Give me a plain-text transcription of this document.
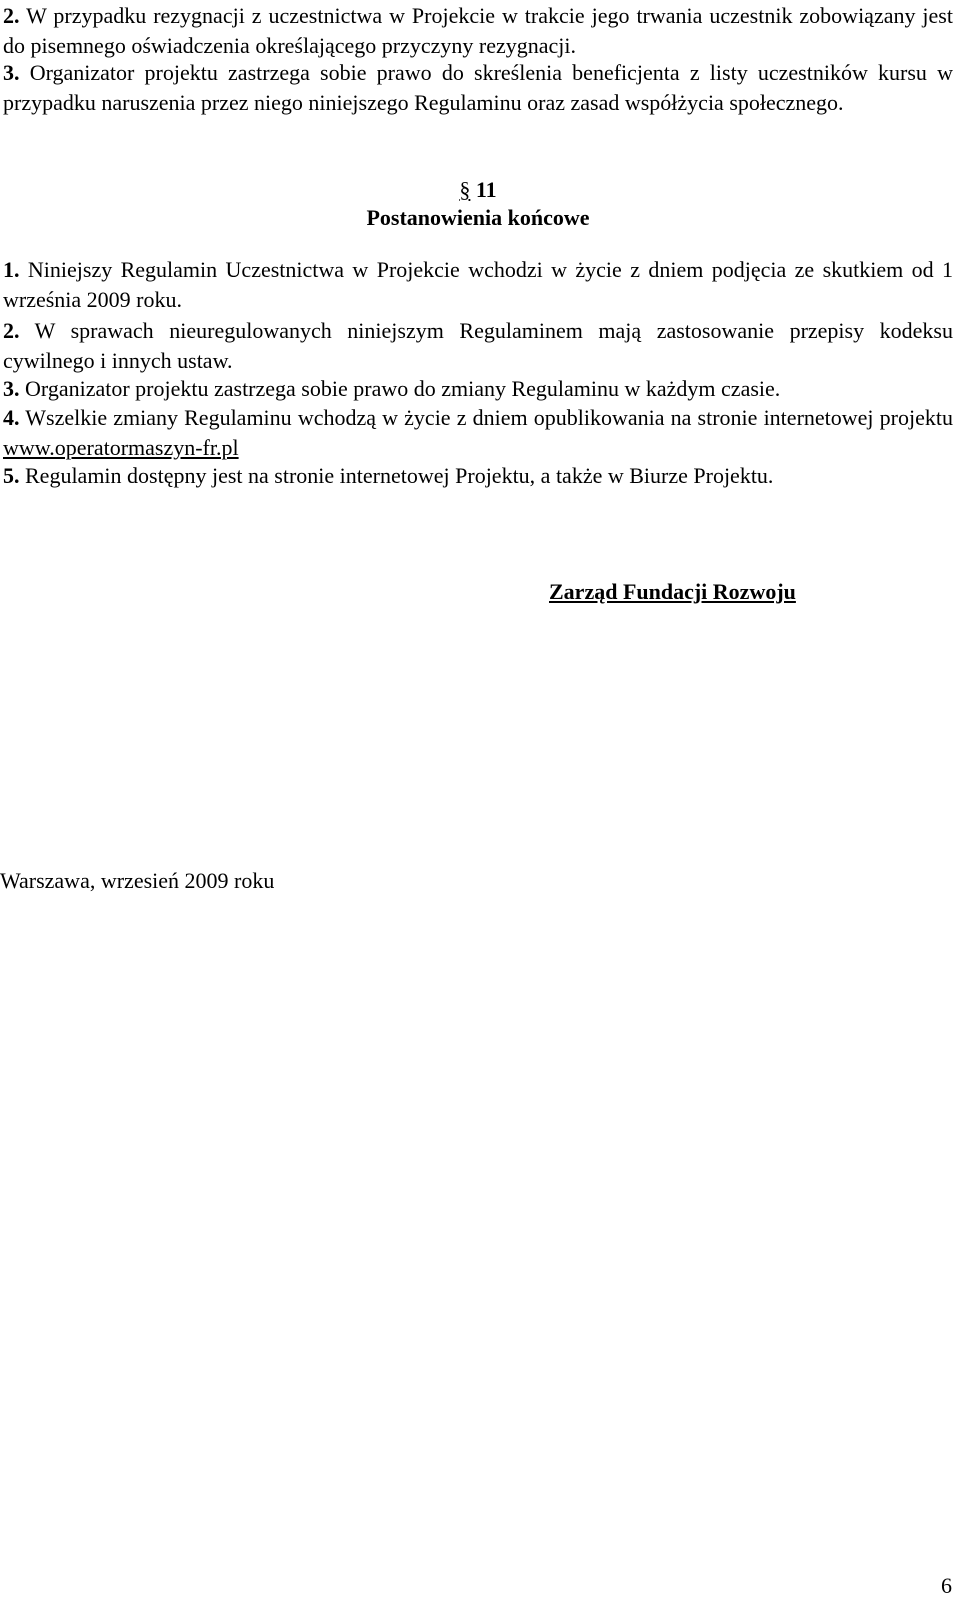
2. W przypadku rezygnacji z uczestnictwa w Projekcie w trakcie jego trwania uczestnik zobowiązany jest do pisemnego oświadczenia określającego przyczyny rezygnacji.
3. Organizator projektu zastrzega sobie prawo do skreślenia beneficjenta z listy uczestników kursu w przypadku naruszenia przez niego niniejszego Regulaminu oraz zasad współżycia społecznego.
§ 11
Postanowienia końcowe
1. Niniejszy Regulamin Uczestnictwa w Projekcie wchodzi w życie z dniem podjęcia ze skutkiem od 1 września 2009 roku.
2. W sprawach nieuregulowanych niniejszym Regulaminem mają zastosowanie przepisy kodeksu cywilnego i innych ustaw.
3. Organizator projektu zastrzega sobie prawo do zmiany Regulaminu w każdym czasie.
4. Wszelkie zmiany Regulaminu wchodzą w życie z dniem opublikowania na stronie internetowej projektu www.operatormaszyn-fr.pl
5. Regulamin dostępny jest na stronie internetowej Projektu, a także w Biurze Projektu.
Zarząd Fundacji Rozwoju
Warszawa, wrzesień 2009 roku
6
